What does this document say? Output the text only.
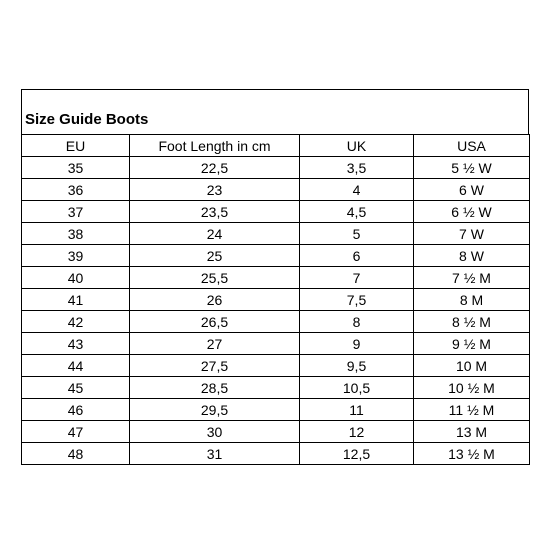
Size Guide Boots
EU	Foot Length in cm	UK	USA
35	22,5	3,5	5 ½ W
36	23	4	6 W
37	23,5	4,5	6 ½ W
38	24	5	7 W
39	25	6	8 W
40	25,5	7	7 ½ M
41	26	7,5	8 M
42	26,5	8	8 ½ M
43	27	9	9 ½ M
44	27,5	9,5	10 M
45	28,5	10,5	10 ½ M
46	29,5	11	11 ½ M
47	30	12	13 M
48	31	12,5	13 ½ M
